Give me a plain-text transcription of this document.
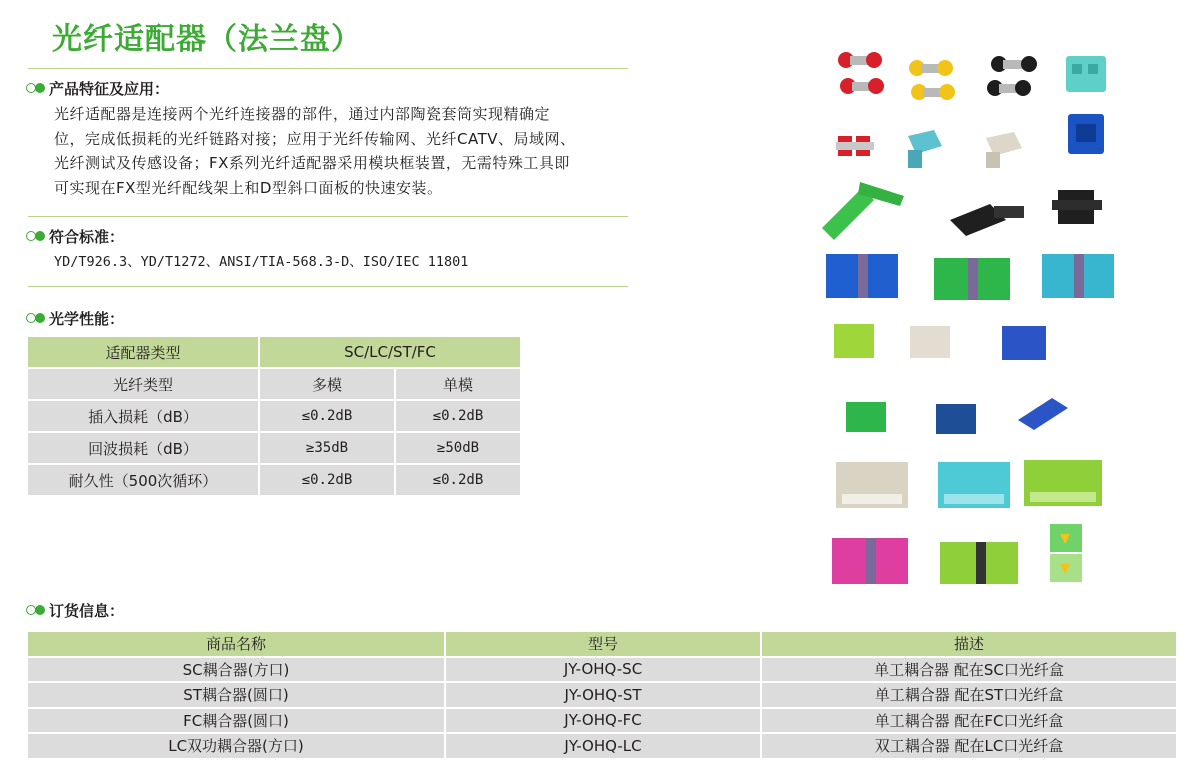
光纤适配器（法兰盘）
产品特征及应用：
光纤适配器是连接两个光纤连接器的部件，通过内部陶瓷套筒实现精确定
位，完成低损耗的光纤链路对接；应用于光纤传输网、光纤CATV、局域网、
光纤测试及传感设备；FX系列光纤适配器采用模块框装置，无需特殊工具即
可实现在FX型光纤配线架上和D型斜口面板的快速安装。
符合标准：
YD/T926.3、YD/T1272、ANSI/TIA-568.3-D、ISO/IEC 11801
光学性能：
适配器类型	SC/LC/ST/FC	
光纤类型	多模	单模
插入损耗（dB）	≤0.2dB	≤0.2dB
回波损耗（dB）	≥35dB	≥50dB
耐久性（500次循环）	≤0.2dB	≤0.2dB
订货信息：
商品名称	型号	描述
SC耦合器(方口)	JY-OHQ-SC	单工耦合器 配在SC口光纤盒
ST耦合器(圆口)	JY-OHQ-ST	单工耦合器 配在ST口光纤盒
FC耦合器(圆口)	JY-OHQ-FC	单工耦合器 配在FC口光纤盒
LC双功耦合器(方口)	JY-OHQ-LC	双工耦合器 配在LC口光纤盒
